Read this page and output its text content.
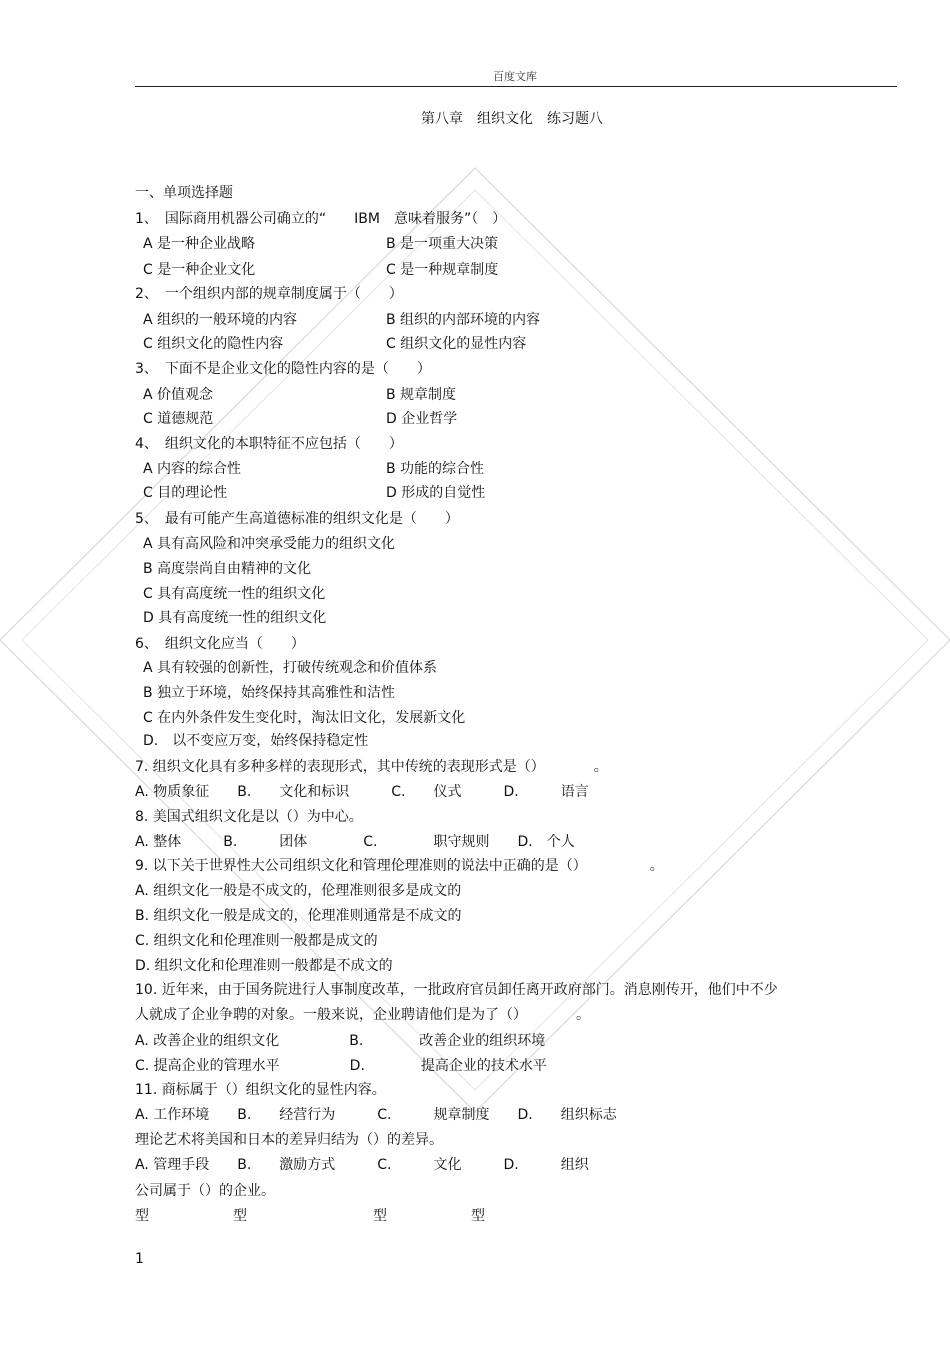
百度文库
第八章　组织文化　练习题八
一、单项选择题
1、　国际商用机器公司确立的“　　IBM　意味着服务”（　）
A 是一种企业战略	B 是一项重大决策
C 是一种企业文化	C 是一种规章制度
2、　一个组织内部的规章制度属于（　　）
A 组织的一般环境的内容	B 组织的内部环境的内容
C 组织文化的隐性内容	C 组织文化的显性内容
3、　下面不是企业文化的隐性内容的是（　　）
A 价值观念	B 规章制度
C 道德规范	D 企业哲学
4、　组织文化的本职特征不应包括（　　）
A 内容的综合性	B 功能的综合性
C 目的理论性	D 形成的自觉性
5、　最有可能产生高道德标准的组织文化是（　　）
A 具有高风险和冲突承受能力的组织文化
B 高度崇尚自由精神的文化
C 具有高度统一性的组织文化
D 具有高度统一性的组织文化
6、　组织文化应当（　　）
A 具有较强的创新性，打破传统观念和价值体系
B 独立于环境，始终保持其高雅性和洁性
C 在内外条件发生变化时，淘汰旧文化，发展新文化
D.　以不变应万变，始终保持稳定性
7. 组织文化具有多种多样的表现形式，其中传统的表现形式是（）　　　　。
A. 物质象征　　B.　　文化和标识　　　C.　　仪式　　　D.　　　语言
8. 美国式组织文化是以（）为中心。
A. 整体　　　B.　　　团体　　　　C.　　　　职守规则　　D.　个人
9. 以下关于世界性大公司组织文化和管理伦理准则的说法中正确的是（）　　　　　。
A. 组织文化一般是不成文的，伦理准则很多是成文的
B. 组织文化一般是成文的，伦理准则通常是不成文的
C. 组织文化和伦理准则一般都是成文的
D. 组织文化和伦理准则一般都是不成文的
10. 近年来，由于国务院进行人事制度改革，一批政府官员卸任离开政府部门。消息刚传开，他们中不少
人就成了企业争聘的对象。一般来说，企业聘请他们是为了（）　　　　。
A. 改善企业的组织文化　　　　　B.　　　　改善企业的组织环境
C. 提高企业的管理水平　　　　　D.　　　　提高企业的技术水平
11. 商标属于（）组织文化的显性内容。
A. 工作环境　　B.　　经营行为　　　C.　　　规章制度　　D.　　组织标志
理论艺术将美国和日本的差异归结为（）的差异。
A. 管理手段　　B.　　激励方式　　　C.　　　文化　　　D.　　　组织
公司属于（）的企业。
型　　　　　　型　　　　　　　　　型　　　　　　型
1
